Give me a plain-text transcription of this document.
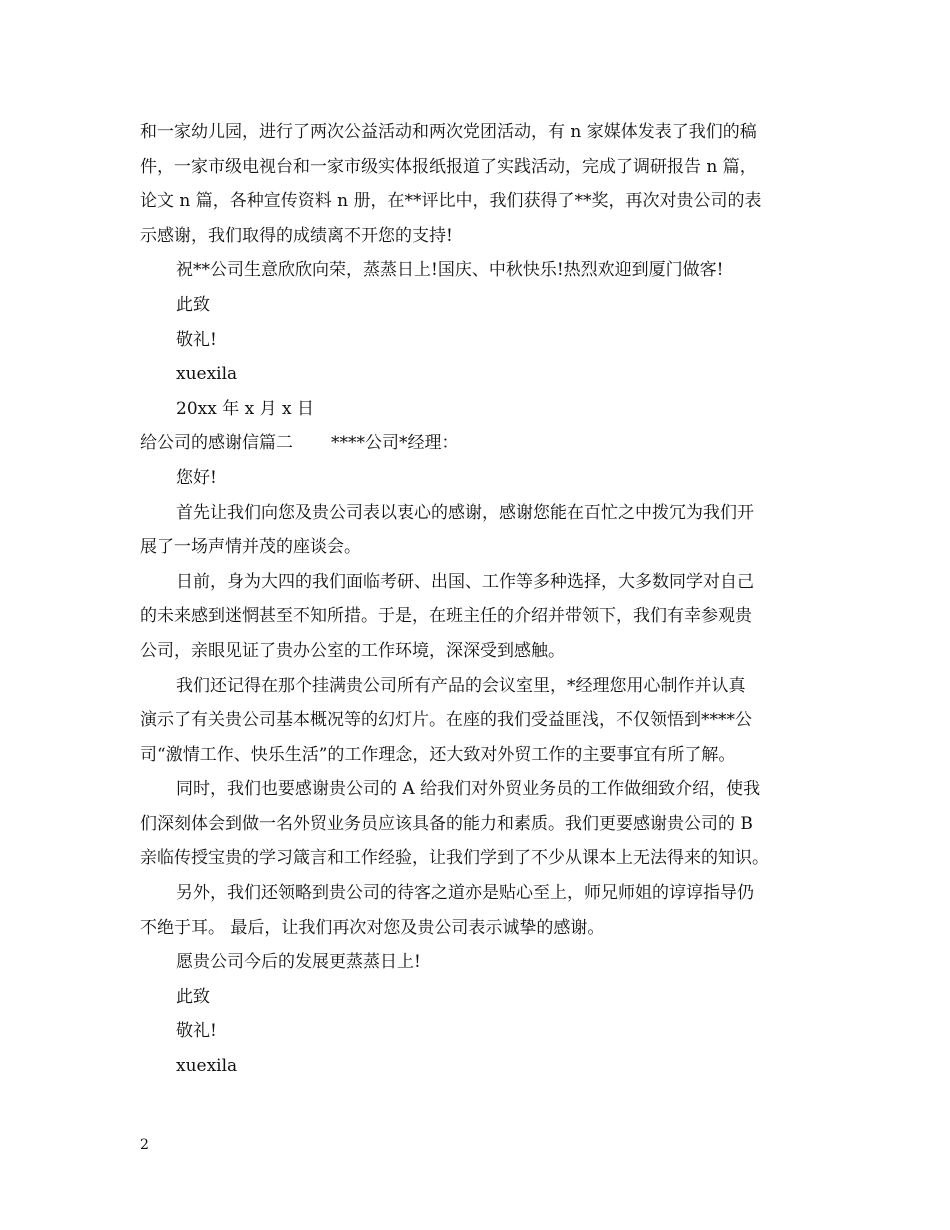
和一家幼儿园，进行了两次公益活动和两次党团活动，有 n 家媒体发表了我们的稿
件，一家市级电视台和一家市级实体报纸报道了实践活动，完成了调研报告 n 篇，
论文 n 篇，各种宣传资料 n 册，在**评比中，我们获得了**奖，再次对贵公司的表
示感谢，我们取得的成绩离不开您的支持!
祝**公司生意欣欣向荣，蒸蒸日上!国庆、中秋快乐!热烈欢迎到厦门做客!
此致
敬礼!
xuexila
20xx 年 x 月 x 日
给公司的感谢信篇二 ****公司*经理：
您好!
首先让我们向您及贵公司表以衷心的感谢，感谢您能在百忙之中拨冗为我们开
展了一场声情并茂的座谈会。
日前，身为大四的我们面临考研、出国、工作等多种选择，大多数同学对自己
的未来感到迷惘甚至不知所措。于是，在班主任的介绍并带领下，我们有幸参观贵
公司，亲眼见证了贵办公室的工作环境，深深受到感触。
我们还记得在那个挂满贵公司所有产品的会议室里，*经理您用心制作并认真
演示了有关贵公司基本概况等的幻灯片。在座的我们受益匪浅，不仅领悟到****公
司“激情工作、快乐生活”的工作理念，还大致对外贸工作的主要事宜有所了解。
同时，我们也要感谢贵公司的 A 给我们对外贸业务员的工作做细致介绍，使我
们深刻体会到做一名外贸业务员应该具备的能力和素质。我们更要感谢贵公司的 B
亲临传授宝贵的学习箴言和工作经验，让我们学到了不少从课本上无法得来的知识。
另外，我们还领略到贵公司的待客之道亦是贴心至上，师兄师姐的谆谆指导仍
不绝于耳。 最后，让我们再次对您及贵公司表示诚挚的感谢。
愿贵公司今后的发展更蒸蒸日上!
此致
敬礼!
xuexila
2
